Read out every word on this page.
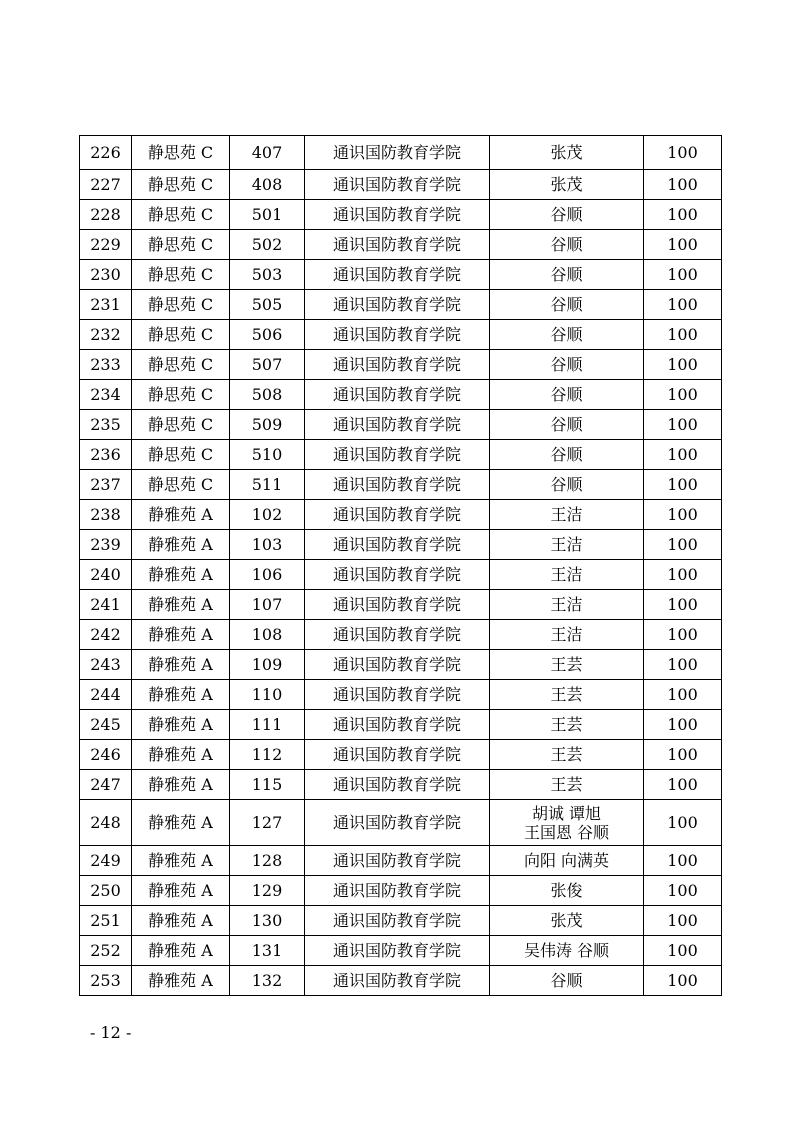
226	静思苑 C	407	通识国防教育学院	张茂	100
227	静思苑 C	408	通识国防教育学院	张茂	100
228	静思苑 C	501	通识国防教育学院	谷顺	100
229	静思苑 C	502	通识国防教育学院	谷顺	100
230	静思苑 C	503	通识国防教育学院	谷顺	100
231	静思苑 C	505	通识国防教育学院	谷顺	100
232	静思苑 C	506	通识国防教育学院	谷顺	100
233	静思苑 C	507	通识国防教育学院	谷顺	100
234	静思苑 C	508	通识国防教育学院	谷顺	100
235	静思苑 C	509	通识国防教育学院	谷顺	100
236	静思苑 C	510	通识国防教育学院	谷顺	100
237	静思苑 C	511	通识国防教育学院	谷顺	100
238	静雅苑 A	102	通识国防教育学院	王洁	100
239	静雅苑 A	103	通识国防教育学院	王洁	100
240	静雅苑 A	106	通识国防教育学院	王洁	100
241	静雅苑 A	107	通识国防教育学院	王洁	100
242	静雅苑 A	108	通识国防教育学院	王洁	100
243	静雅苑 A	109	通识国防教育学院	王芸	100
244	静雅苑 A	110	通识国防教育学院	王芸	100
245	静雅苑 A	111	通识国防教育学院	王芸	100
246	静雅苑 A	112	通识国防教育学院	王芸	100
247	静雅苑 A	115	通识国防教育学院	王芸	100
248	静雅苑 A	127	通识国防教育学院	胡诚 谭旭
王国恩 谷顺	100
249	静雅苑 A	128	通识国防教育学院	向阳 向满英	100
250	静雅苑 A	129	通识国防教育学院	张俊	100
251	静雅苑 A	130	通识国防教育学院	张茂	100
252	静雅苑 A	131	通识国防教育学院	吴伟涛 谷顺	100
253	静雅苑 A	132	通识国防教育学院	谷顺	100
- 12 -
